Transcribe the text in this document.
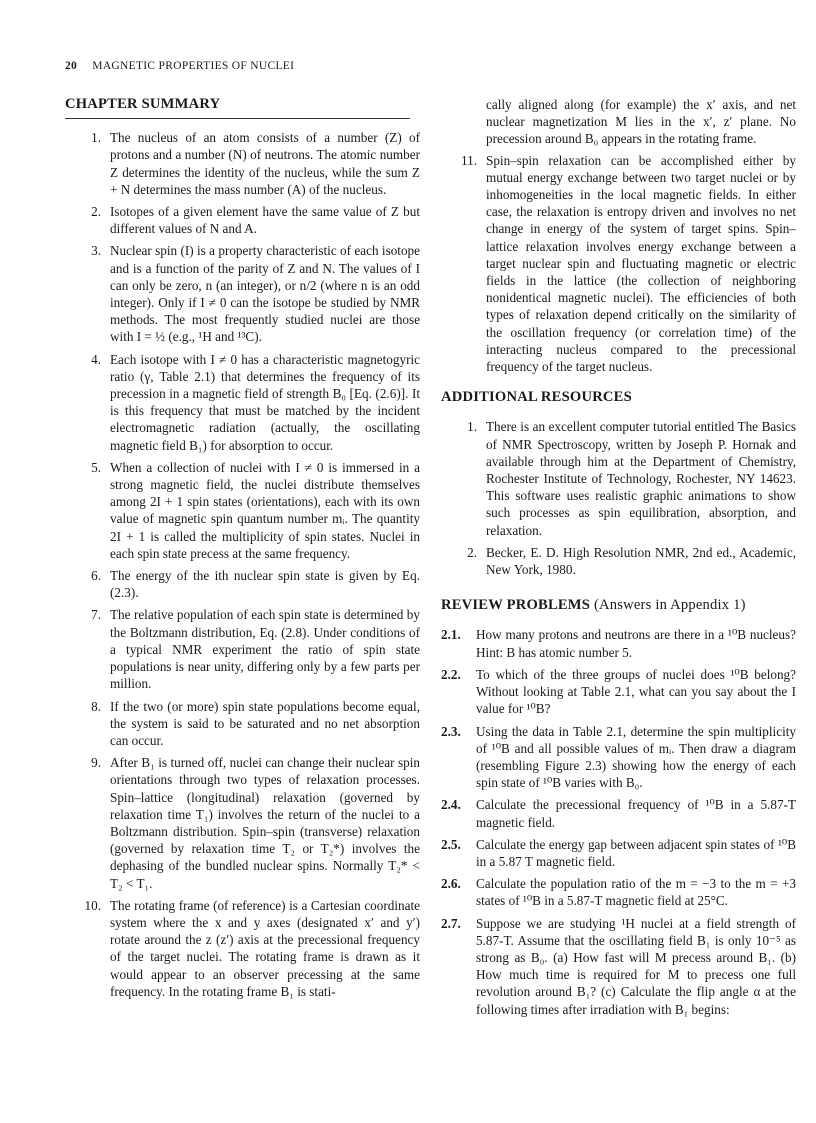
20 MAGNETIC PROPERTIES OF NUCLEI
CHAPTER SUMMARY
1. The nucleus of an atom consists of a number (Z) of protons and a number (N) of neutrons. The atomic number Z determines the identity of the nucleus, while the sum Z + N determines the mass number (A) of the nucleus.
2. Isotopes of a given element have the same value of Z but different values of N and A.
3. Nuclear spin (I) is a property characteristic of each isotope and is a function of the parity of Z and N. The values of I can only be zero, n (an integer), or n/2 (where n is an odd integer). Only if I ≠ 0 can the isotope be studied by NMR methods. The most frequently studied nuclei are those with I = ½ (e.g., ¹H and ¹³C).
4. Each isotope with I ≠ 0 has a characteristic magnetogyric ratio (γ, Table 2.1) that determines the frequency of its precession in a magnetic field of strength B₀ [Eq. (2.6)]. It is this frequency that must be matched by the incident electromagnetic radiation (actually, the oscillating magnetic field B₁) for absorption to occur.
5. When a collection of nuclei with I ≠ 0 is immersed in a strong magnetic field, the nuclei distribute themselves among 2I + 1 spin states (orientations), each with its own value of magnetic spin quantum number mᵢ. The quantity 2I + 1 is called the multiplicity of spin states. Nuclei in each spin state precess at the same frequency.
6. The energy of the ith nuclear spin state is given by Eq. (2.3).
7. The relative population of each spin state is determined by the Boltzmann distribution, Eq. (2.8). Under conditions of a typical NMR experiment the ratio of spin state populations is near unity, differing only by a few parts per million.
8. If the two (or more) spin state populations become equal, the system is said to be saturated and no net absorption can occur.
9. After B₁ is turned off, nuclei can change their nuclear spin orientations through two types of relaxation processes. Spin–lattice (longitudinal) relaxation (governed by relaxation time T₁) involves the return of the nuclei to a Boltzmann distribution. Spin–spin (transverse) relaxation (governed by relaxation time T₂ or T₂*) involves the dephasing of the bundled nuclear spins. Normally T₂* < T₂ < T₁.
10. The rotating frame (of reference) is a Cartesian coordinate system where the x and y axes (designated x′ and y′) rotate around the z (z′) axis at the precessional frequency of the target nuclei. The rotating frame is drawn as it would appear to an observer precessing at the same frequency. In the rotating frame B₁ is stati-
cally aligned along (for example) the x′ axis, and net nuclear magnetization M lies in the x′, z′ plane. No precession around B₀ appears in the rotating frame.
11. Spin–spin relaxation can be accomplished either by mutual energy exchange between two target nuclei or by inhomogeneities in the local magnetic fields. In either case, the relaxation is entropy driven and involves no net change in energy of the system of target spins. Spin–lattice relaxation involves energy exchange between a target nuclear spin and fluctuating magnetic or electric fields in the lattice (the collection of neighboring nonidentical magnetic nuclei). The efficiencies of both types of relaxation depend critically on the similarity of the oscillation frequency (or correlation time) of the interacting nucleus compared to the precessional frequency of the target nucleus.
ADDITIONAL RESOURCES
1. There is an excellent computer tutorial entitled The Basics of NMR Spectroscopy, written by Joseph P. Hornak and available through him at the Department of Chemistry, Rochester Institute of Technology, Rochester, NY 14623. This software uses realistic graphic animations to show such processes as spin equilibration, absorption, and relaxation.
2. Becker, E. D. High Resolution NMR, 2nd ed., Academic, New York, 1980.
REVIEW PROBLEMS (Answers in Appendix 1)
2.1.	How many protons and neutrons are there in a ¹⁰B nucleus? Hint: B has atomic number 5.
2.2.	To which of the three groups of nuclei does ¹⁰B belong? Without looking at Table 2.1, what can you say about the I value for ¹⁰B?
2.3.	Using the data in Table 2.1, determine the spin multiplicity of ¹⁰B and all possible values of mᵢ. Then draw a diagram (resembling Figure 2.3) showing how the energy of each spin state of ¹⁰B varies with B₀.
2.4.	Calculate the precessional frequency of ¹⁰B in a 5.87-T magnetic field.
2.5.	Calculate the energy gap between adjacent spin states of ¹⁰B in a 5.87 T magnetic field.
2.6.	Calculate the population ratio of the m = −3 to the m = +3 states of ¹⁰B in a 5.87-T magnetic field at 25°C.
2.7.	Suppose we are studying ¹H nuclei at a field strength of 5.87-T. Assume that the oscillating field B₁ is only 10⁻⁵ as strong as B₀. (a) How fast will M precess around B₁. (b) How much time is required for M to precess one full revolution around B₁? (c) Calculate the flip angle α at the following times after irradiation with B₁ begins:
